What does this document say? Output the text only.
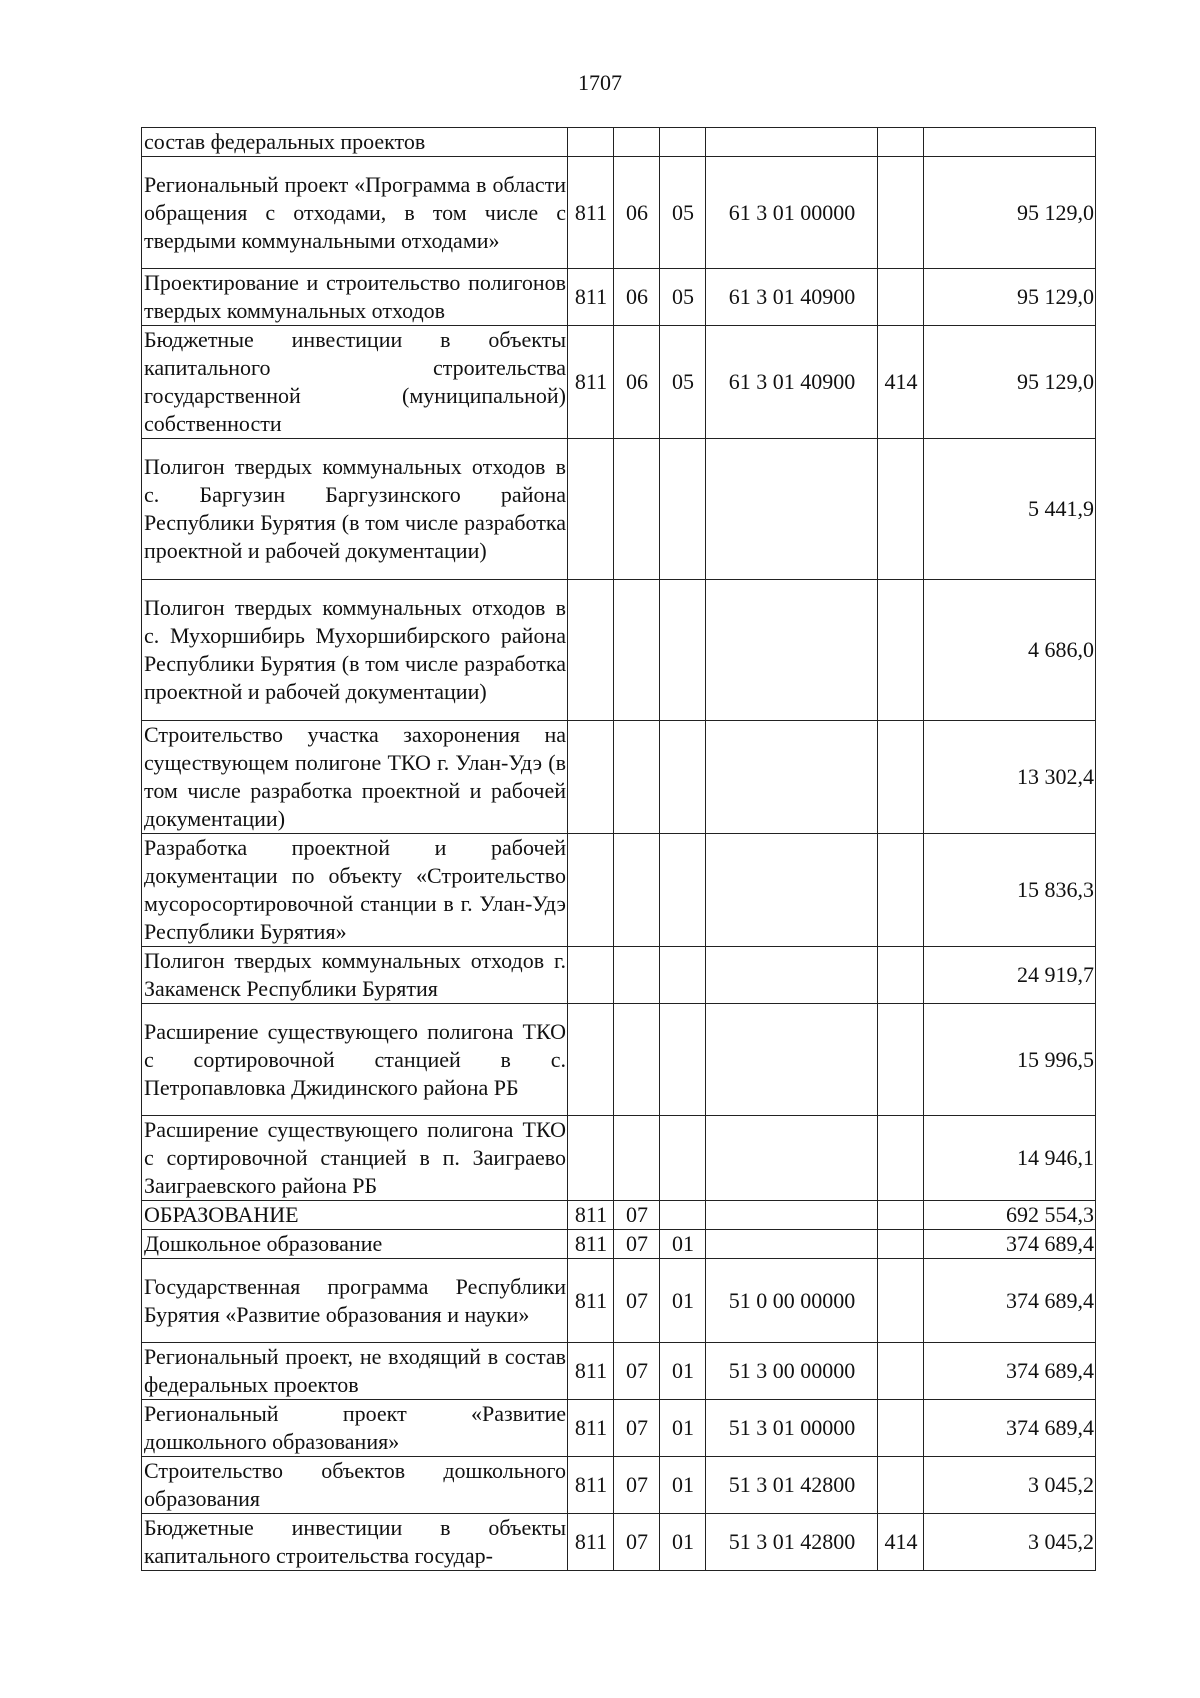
1707
состав федеральных проектов						
Региональный проект «Программа в области обращения с отходами, в том числе с твердыми коммунальными отходами»	811	06	05	61 3 01 00000		95 129,0
Проектирование и строительство полигонов твердых коммунальных отходов	811	06	05	61 3 01 40900		95 129,0
Бюджетные инвестиции в объекты капитального строительства государственной (муниципальной) собственности	811	06	05	61 3 01 40900	414	95 129,0
Полигон твердых коммунальных отходов в с. Баргузин Баргузинского района Республики Бурятия (в том числе разработка проектной и рабочей документации)						5 441,9
Полигон твердых коммунальных отходов в с. Мухоршибирь Мухоршибирского района Республики Бурятия (в том числе разработка проектной и рабочей документации)						4 686,0
Строительство участка захоронения на существующем полигоне ТКО г. Улан-Удэ (в том числе разработка проектной и рабочей документации)						13 302,4
Разработка проектной и рабочей документации по объекту «Строительство мусоросортировочной станции в г. Улан-Удэ Республики Бурятия»						15 836,3
Полигон твердых коммунальных отходов г. Закаменск Республики Бурятия						24 919,7
Расширение существующего полигона ТКО с сортировочной станцией в с. Петропавловка Джидинского района РБ						15 996,5
Расширение существующего полигона ТКО с сортировочной станцией в п. Заиграево Заиграевского района РБ						14 946,1
ОБРАЗОВАНИЕ	811	07				692 554,3
Дошкольное образование	811	07	01			374 689,4
Государственная программа Республики Бурятия «Развитие образования и науки»	811	07	01	51 0 00 00000		374 689,4
Региональный проект, не входящий в состав федеральных проектов	811	07	01	51 3 00 00000		374 689,4
Региональный проект «Развитие дошкольного образования»	811	07	01	51 3 01 00000		374 689,4
Строительство объектов дошкольного образования	811	07	01	51 3 01 42800		3 045,2
Бюджетные инвестиции в объекты капитального строительства государ-	811	07	01	51 3 01 42800	414	3 045,2
